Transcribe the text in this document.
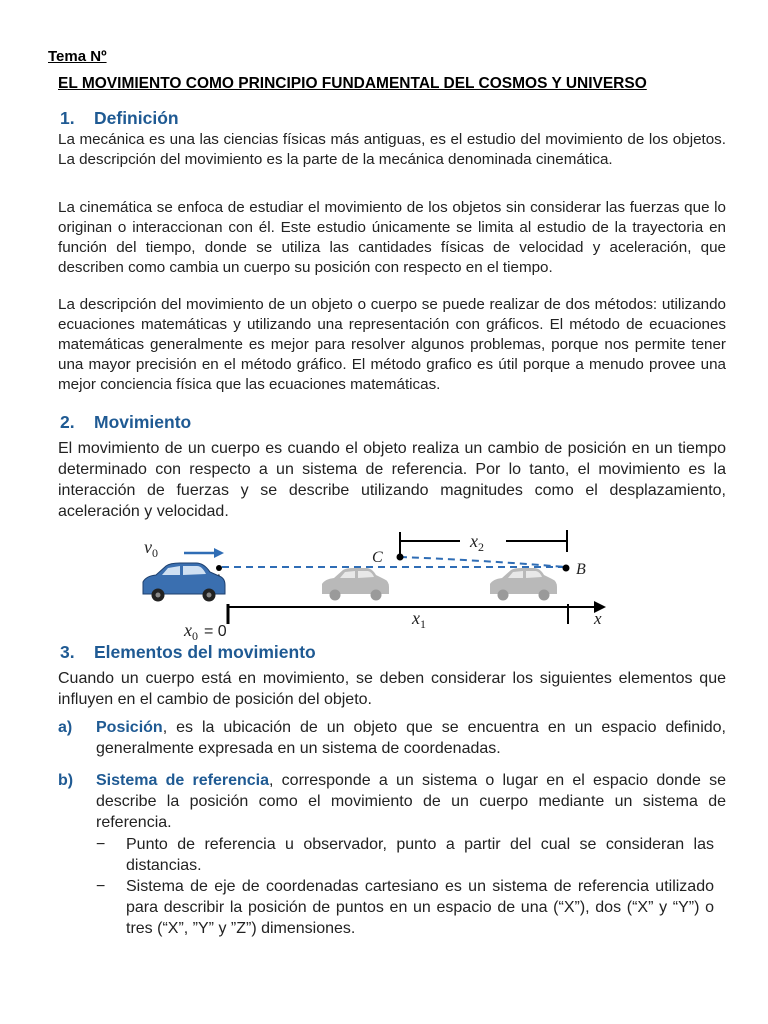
Tema Nº
EL MOVIMIENTO COMO PRINCIPIO FUNDAMENTAL DEL COSMOS Y UNIVERSO
1. Definición

La mecánica es una las ciencias físicas más antiguas, es el estudio del movimiento de los objetos. La descripción del movimiento es la parte de la mecánica denominada cinemática.

La cinemática se enfoca de estudiar el movimiento de los objetos sin considerar las fuerzas que lo originan o interaccionan con él. Este estudio únicamente se limita al estudio de la trayectoria en función del tiempo, donde se utiliza las cantidades físicas de velocidad y aceleración, que describen como cambia un cuerpo su posición con respecto en el tiempo.

La descripción del movimiento de un objeto o cuerpo se puede realizar de dos métodos: utilizando ecuaciones matemáticas y utilizando una representación con gráficos. El método de ecuaciones matemáticas generalmente es mejor para resolver algunos problemas, porque nos permite tener una mayor precisión en el método gráfico. El método grafico es útil porque a menudo provee una mejor conciencia física que las ecuaciones matemáticas.

2. Movimiento

El movimiento de un cuerpo es cuando el objeto realiza un cambio de posición en un tiempo determinado con respecto a un sistema de referencia. Por lo tanto, el movimiento es la interacción de fuerzas y se describe utilizando magnitudes como el desplazamiento, aceleración y velocidad.

$v_0$	C
B
$x_2$
$x_1$	x
$x_0 = 0$
3. Elementos del movimiento

Cuando un cuerpo está en movimiento, se deben considerar los siguientes elementos que influyen en el cambio de posición del objeto.

a) Posición, es la ubicación de un objeto que se encuentra en un espacio definido, generalmente expresada en un sistema de coordenadas.
b) Sistema de referencia, corresponde a un sistema o lugar en el espacio donde se describe la posición como el movimiento de un cuerpo mediante un sistema de referencia.
− Punto de referencia u observador, punto a partir del cual se consideran las distancias.
− Sistema de eje de coordenadas cartesiano es un sistema de referencia utilizado para describir la posición de puntos en un espacio de una (“X”), dos (“X” y “Y”) o tres (“X”, ”Y” y ”Z”) dimensiones.
